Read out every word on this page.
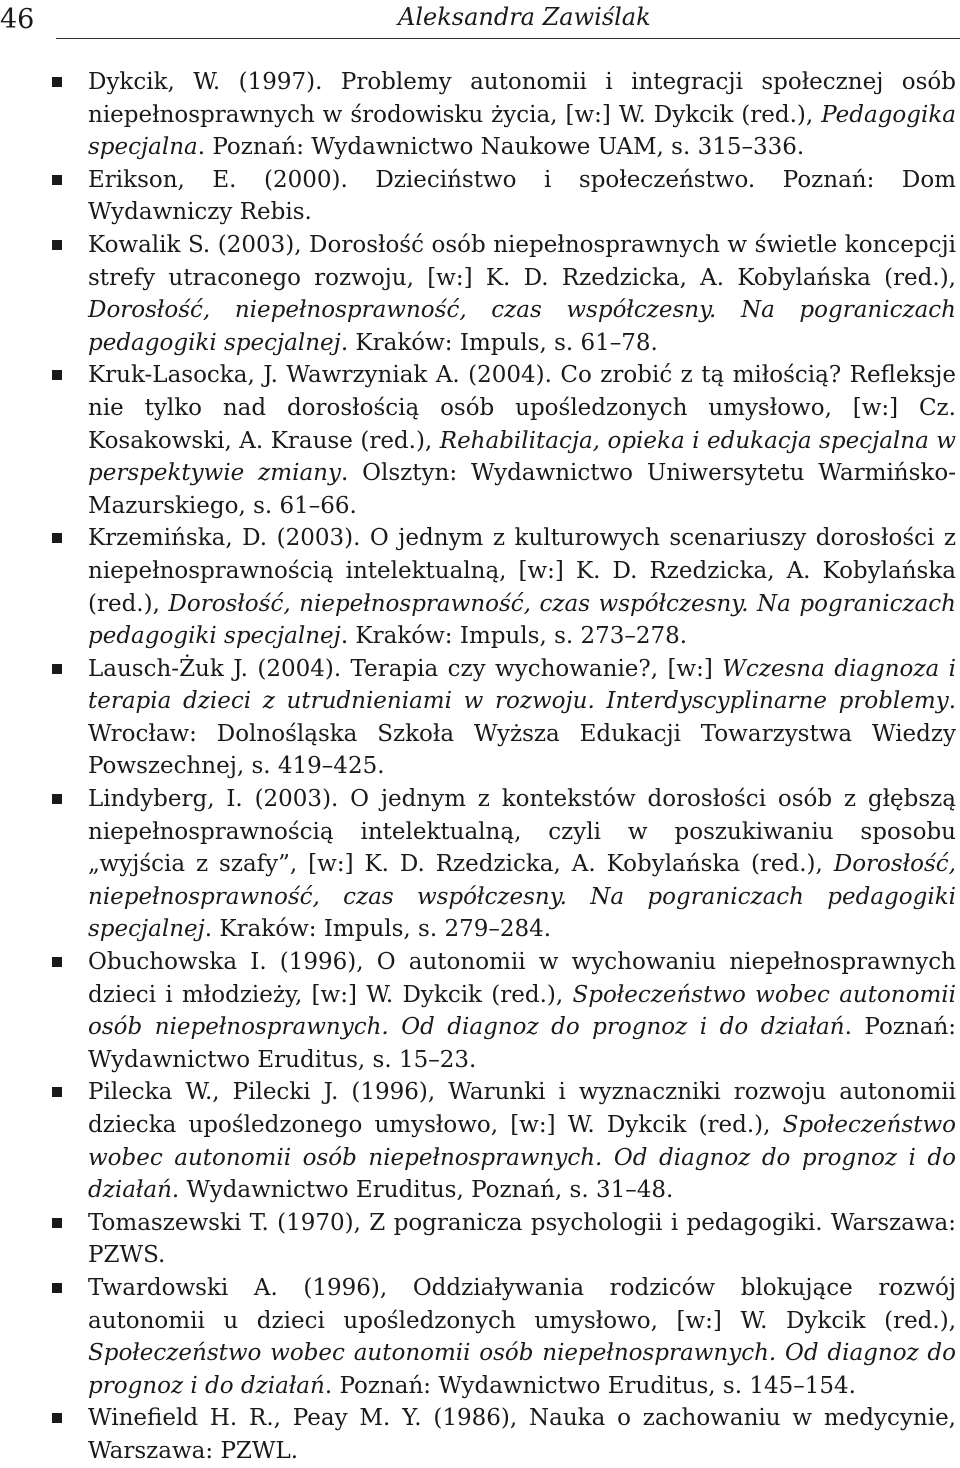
46	Aleksandra Zawiślak
Dykcik, W. (1997). Problemy autonomii i integracji społecznej osób niepełnosprawnych w środowisku życia, [w:] W. Dykcik (red.), Pedagogika specjalna. Poznań: Wydawnictwo Naukowe UAM, s. 315–336.
Erikson, E. (2000). Dzieciństwo i społeczeństwo. Poznań: Dom Wydawniczy Rebis.
Kowalik S. (2003), Dorosłość osób niepełnosprawnych w świetle koncepcji strefy utraconego rozwoju, [w:] K. D. Rzedzicka, A. Kobylańska (red.), Dorosłość, niepełnosprawność, czas współczesny. Na pograniczach pedagogiki specjalnej. Kraków: Impuls, s. 61–78.
Kruk-Lasocka, J. Wawrzyniak A. (2004). Co zrobić z tą miłością? Refleksje nie tylko nad dorosłością osób upośledzonych umysłowo, [w:] Cz. Kosakowski, A. Krause (red.), Rehabilitacja, opieka i edukacja specjalna w perspektywie zmiany. Olsztyn: Wydawnictwo Uniwersytetu Warmińsko-Mazurskiego, s. 61–66.
Krzemińska, D. (2003). O jednym z kulturowych scenariuszy dorosłości z niepełnosprawnością intelektualną, [w:] K. D. Rzedzicka, A. Kobylańska (red.), Dorosłość, niepełnosprawność, czas współczesny. Na pograniczach pedagogiki specjalnej. Kraków: Impuls, s. 273–278.
Lausch-Żuk J. (2004). Terapia czy wychowanie?, [w:] Wczesna diagnoza i terapia dzieci z utrudnieniami w rozwoju. Interdyscyplinarne problemy. Wrocław: Dolnośląska Szkoła Wyższa Edukacji Towarzystwa Wiedzy Powszechnej, s. 419–425.
Lindyberg, I. (2003). O jednym z kontekstów dorosłości osób z głębszą niepełnosprawnością intelektualną, czyli w poszukiwaniu sposobu „wyjścia z szafy”, [w:] K. D. Rzedzicka, A. Kobylańska (red.), Dorosłość, niepełnosprawność, czas współczesny. Na pograniczach pedagogiki specjalnej. Kraków: Impuls, s. 279–284.
Obuchowska I. (1996), O autonomii w wychowaniu niepełnosprawnych dzieci i młodzieży, [w:] W. Dykcik (red.), Społeczeństwo wobec autonomii osób niepełnosprawnych. Od diagnoz do prognoz i do działań. Poznań: Wydawnictwo Eruditus, s. 15–23.
Pilecka W., Pilecki J. (1996), Warunki i wyznaczniki rozwoju autonomii dziecka upośledzonego umysłowo, [w:] W. Dykcik (red.), Społeczeństwo wobec autonomii osób niepełnosprawnych. Od diagnoz do prognoz i do działań. Wydawnictwo Eruditus, Poznań, s. 31–48.
Tomaszewski T. (1970), Z pogranicza psychologii i pedagogiki. Warszawa: PZWS.
Twardowski A. (1996), Oddziaływania rodziców blokujące rozwój autonomii u dzieci upośledzonych umysłowo, [w:] W. Dykcik (red.), Społeczeństwo wobec autonomii osób niepełnosprawnych. Od diagnoz do prognoz i do działań. Poznań: Wydawnictwo Eruditus, s. 145–154.
Winefield H. R., Peay M. Y. (1986), Nauka o zachowaniu w medycynie, Warszawa: PZWL.
